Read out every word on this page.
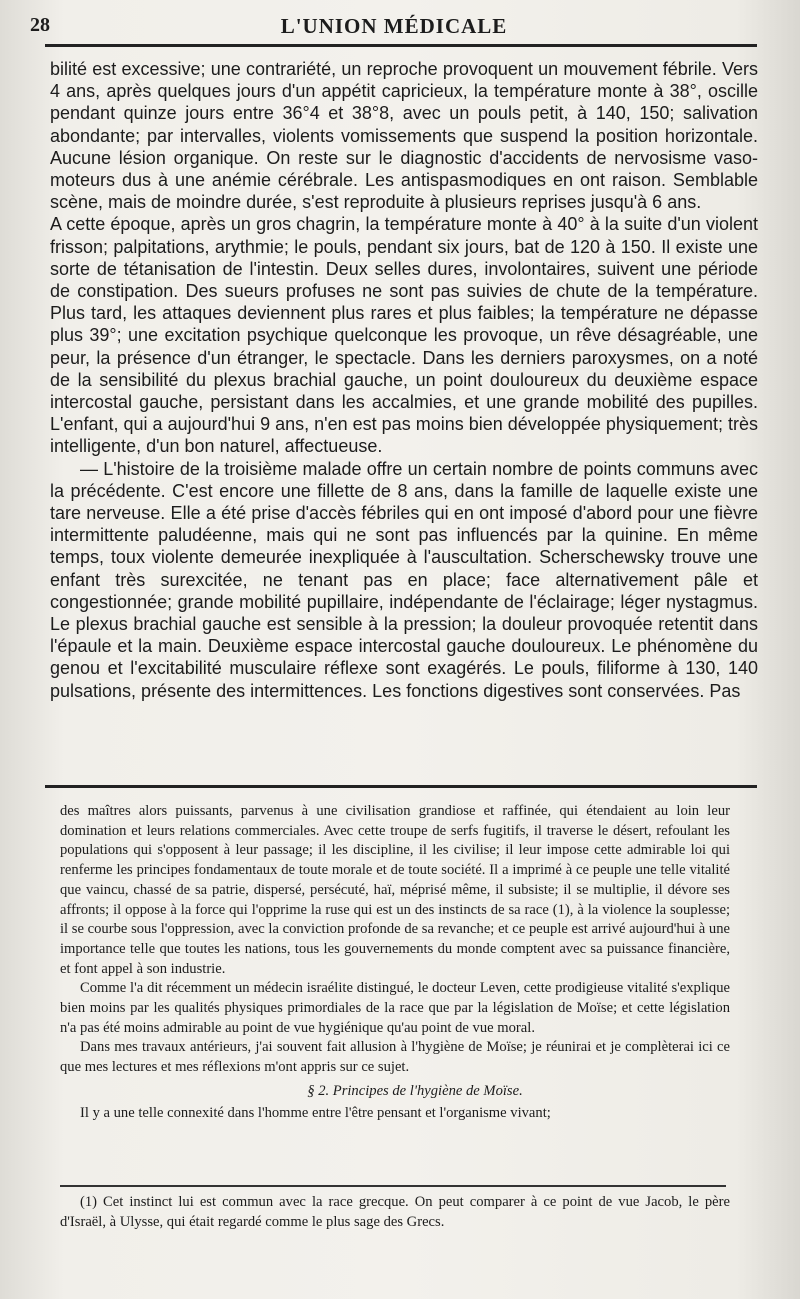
28	L'UNION MÉDICALE

bilité est excessive; une contrariété, un reproche provoquent un mouvement fébrile. Vers 4 ans, après quelques jours d'un appétit capricieux, la température monte à 38°, oscille pendant quinze jours entre 36°4 et 38°8, avec un pouls petit, à 140, 150; salivation abondante; par intervalles, violents vomissements que suspend la position horizontale. Aucune lésion organique. On reste sur le diagnostic d'accidents de nervosisme vaso-moteurs dus à une anémie cérébrale. Les antispasmodiques en ont raison. Semblable scène, mais de moindre durée, s'est reproduite à plusieurs reprises jusqu'à 6 ans.

A cette époque, après un gros chagrin, la température monte à 40° à la suite d'un violent frisson; palpitations, arythmie; le pouls, pendant six jours, bat de 120 à 150. Il existe une sorte de tétanisation de l'intestin. Deux selles dures, involontaires, suivent une période de constipation. Des sueurs profuses ne sont pas suivies de chute de la température. Plus tard, les attaques deviennent plus rares et plus faibles; la température ne dépasse plus 39°; une excitation psychique quelconque les provoque, un rêve désagréable, une peur, la présence d'un étranger, le spectacle. Dans les derniers paroxysmes, on a noté de la sensibilité du plexus brachial gauche, un point douloureux du deuxième espace intercostal gauche, persistant dans les accalmies, et une grande mobilité des pupilles. L'enfant, qui a aujourd'hui 9 ans, n'en est pas moins bien développée physiquement; très intelligente, d'un bon naturel, affectueuse.

— L'histoire de la troisième malade offre un certain nombre de points communs avec la précédente. C'est encore une fillette de 8 ans, dans la famille de laquelle existe une tare nerveuse. Elle a été prise d'accès fébriles qui en ont imposé d'abord pour une fièvre intermittente paludéenne, mais qui ne sont pas influencés par la quinine. En même temps, toux violente demeurée inexpliquée à l'auscultation. Scherschewsky trouve une enfant très surexcitée, ne tenant pas en place; face alternativement pâle et congestionnée; grande mobilité pupillaire, indépendante de l'éclairage; léger nystagmus. Le plexus brachial gauche est sensible à la pression; la douleur provoquée retentit dans l'épaule et la main. Deuxième espace intercostal gauche douloureux. Le phénomène du genou et l'excitabilité musculaire réflexe sont exagérés. Le pouls, filiforme à 130, 140 pulsations, présente des intermittences. Les fonctions digestives sont conservées. Pas

des maîtres alors puissants, parvenus à une civilisation grandiose et raffinée, qui étendaient au loin leur domination et leurs relations commerciales. Avec cette troupe de serfs fugitifs, il traverse le désert, refoulant les populations qui s'opposent à leur passage; il les discipline, il les civilise; il leur impose cette admirable loi qui renferme les principes fondamentaux de toute morale et de toute société. Il a imprimé à ce peuple une telle vitalité que vaincu, chassé de sa patrie, dispersé, persécuté, haï, méprisé même, il subsiste; il se multiplie, il dévore ses affronts; il oppose à la force qui l'opprime la ruse qui est un des instincts de sa race (1), à la violence la souplesse; il se courbe sous l'oppression, avec la conviction profonde de sa revanche; et ce peuple est arrivé aujourd'hui à une importance telle que toutes les nations, tous les gouvernements du monde comptent avec sa puissance financière, et font appel à son industrie.

Comme l'a dit récemment un médecin israélite distingué, le docteur Leven, cette prodigieuse vitalité s'explique bien moins par les qualités physiques primordiales de la race que par la législation de Moïse; et cette législation n'a pas été moins admirable au point de vue hygiénique qu'au point de vue moral.

Dans mes travaux antérieurs, j'ai souvent fait allusion à l'hygiène de Moïse; je réunirai et je complèterai ici ce que mes lectures et mes réflexions m'ont appris sur ce sujet.

§ 2. Principes de l'hygiène de Moïse.

Il y a une telle connexité dans l'homme entre l'être pensant et l'organisme vivant;

(1) Cet instinct lui est commun avec la race grecque. On peut comparer à ce point de vue Jacob, le père d'Israël, à Ulysse, qui était regardé comme le plus sage des Grecs.
